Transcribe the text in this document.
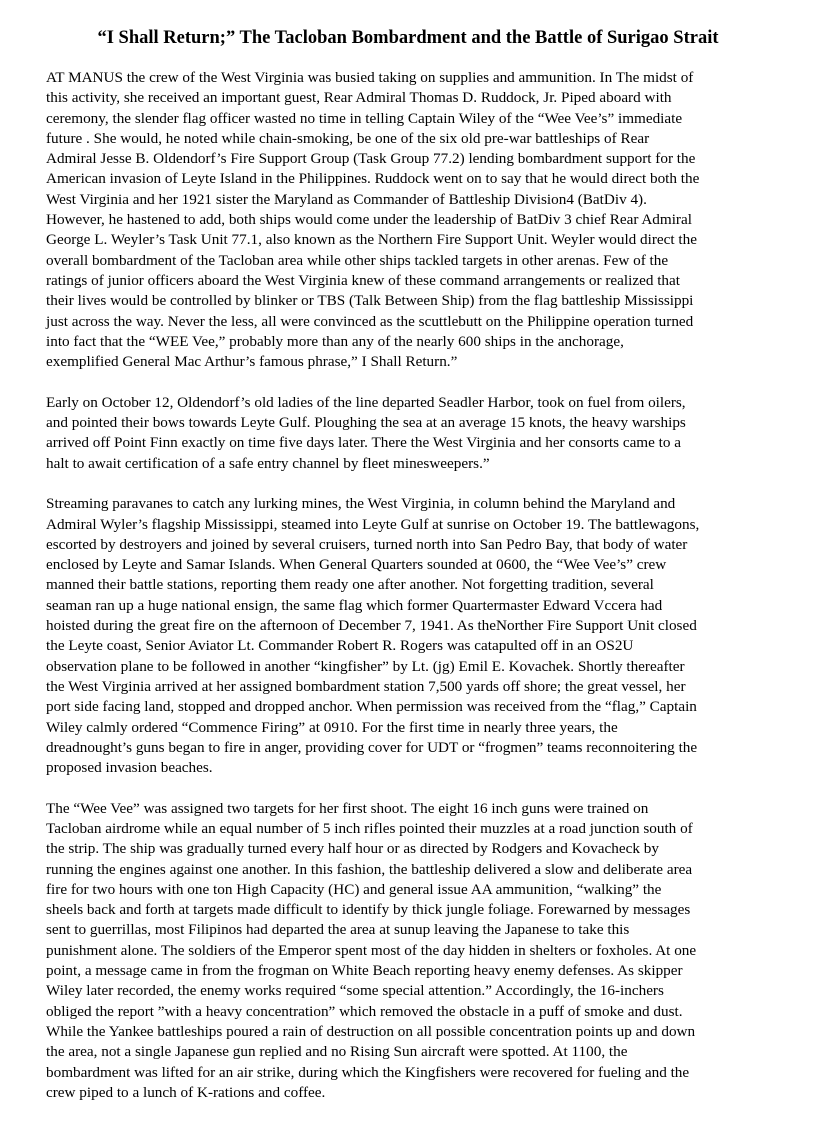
“I Shall Return;” The Tacloban Bombardment and the Battle of Surigao Strait

AT MANUS the crew of the West Virginia was busied taking on supplies and ammunition. In The midst of
this activity, she received an important guest, Rear Admiral Thomas D. Ruddock, Jr. Piped aboard with
ceremony, the slender flag officer wasted no time in telling Captain Wiley of the “Wee Vee’s” immediate
future . She would, he noted while chain-smoking, be one of the six old pre-war battleships of Rear
Admiral Jesse B. Oldendorf’s Fire Support Group (Task Group 77.2) lending bombardment support for the
American invasion of Leyte Island in the Philippines. Ruddock went on to say that he would direct both the
West Virginia and her 1921 sister the Maryland as Commander of Battleship Division4 (BatDiv 4).
However, he hastened to add, both ships would come under the leadership of BatDiv 3 chief Rear Admiral
George L. Weyler’s Task Unit 77.1, also known as the Northern Fire Support Unit. Weyler would direct the
overall bombardment of the Tacloban area while other ships tackled targets in other arenas. Few of the
ratings of junior officers aboard the West Virginia knew of these command arrangements or realized that
their lives would be controlled by blinker or TBS (Talk Between Ship) from the flag battleship Mississippi
just across the way. Never the less, all were convinced as the scuttlebutt on the Philippine operation turned
into fact that the “WEE Vee,” probably more than any of the nearly 600 ships in the anchorage,
exemplified General Mac Arthur’s famous phrase,” I Shall Return.”

Early on October 12, Oldendorf’s old ladies of the line departed Seadler Harbor, took on fuel from oilers,
and pointed their bows towards Leyte Gulf. Ploughing the sea at an average 15 knots, the heavy warships
arrived off Point Finn exactly on time five days later. There the West Virginia and her consorts came to a
halt to await certification of a safe entry channel by fleet minesweepers.”

Streaming paravanes to catch any lurking mines, the West Virginia, in column behind the Maryland and
Admiral Wyler’s flagship Mississippi, steamed into Leyte Gulf at sunrise on October 19. The battlewagons,
escorted by destroyers and joined by several cruisers, turned north into San Pedro Bay, that body of water
enclosed by Leyte and Samar Islands. When General Quarters sounded at 0600, the “Wee Vee’s” crew
manned their battle stations, reporting them ready one after another. Not forgetting tradition, several
seaman ran up a huge national ensign, the same flag which former Quartermaster Edward Vccera had
hoisted during the great fire on the afternoon of December 7, 1941. As theNorther Fire Support Unit closed
the Leyte coast, Senior Aviator Lt. Commander Robert R. Rogers was catapulted off in an OS2U
observation plane to be followed in another “kingfisher” by Lt. (jg) Emil E. Kovachek. Shortly thereafter
the West Virginia arrived at her assigned bombardment station 7,500 yards off shore; the great vessel, her
port side facing land, stopped and dropped anchor. When permission was received from the “flag,” Captain
Wiley calmly ordered “Commence Firing” at 0910. For the first time in nearly three years, the
dreadnought’s guns began to fire in anger, providing cover for UDT or “frogmen” teams reconnoitering the
proposed invasion beaches.

The “Wee Vee” was assigned two targets for her first shoot. The eight 16 inch guns were trained on
Tacloban airdrome while an equal number of 5 inch rifles pointed their muzzles at a road junction south of
the strip. The ship was gradually turned every half hour or as directed by Rodgers and Kovacheck by
running the engines against one another. In this fashion, the battleship delivered a slow and deliberate area
fire for two hours with one ton High Capacity (HC) and general issue AA ammunition, “walking” the
sheels back and forth at targets made difficult to identify by thick jungle foliage. Forewarned by messages
sent to guerrillas, most Filipinos had departed the area at sunup leaving the Japanese to take this
punishment alone. The soldiers of the Emperor spent most of the day hidden in shelters or foxholes. At one
point, a message came in from the frogman on White Beach reporting heavy enemy defenses. As skipper
Wiley later recorded, the enemy works required “some special attention.” Accordingly, the 16-inchers
obliged the report ”with a heavy concentration” which removed the obstacle in a puff of smoke and dust.
While the Yankee battleships poured a rain of destruction on all possible concentration points up and down
the area, not a single Japanese gun replied and no Rising Sun aircraft were spotted. At 1100, the
bombardment was lifted for an air strike, during which the Kingfishers were recovered for fueling and the
crew piped to a lunch of K-rations and coffee.
